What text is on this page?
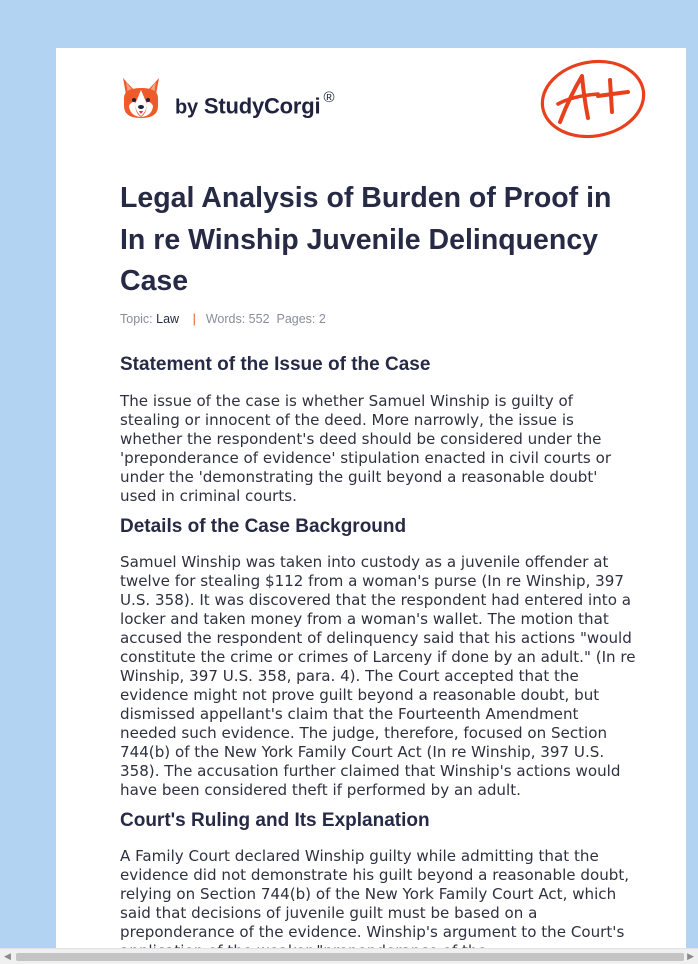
by StudyCorgi ®
Legal Analysis of Burden of Proof in In re Winship Juvenile Delinquency Case
Topic: Law | Words: 552 Pages: 2
Statement of the Issue of the Case

The issue of the case is whether Samuel Winship is guilty of stealing or innocent of the deed. More narrowly, the issue is whether the respondent's deed should be considered under the 'preponderance of evidence' stipulation enacted in civil courts or under the 'demonstrating the guilt beyond a reasonable doubt' used in criminal courts.

Details of the Case Background

Samuel Winship was taken into custody as a juvenile offender at twelve for stealing $112 from a woman's purse (In re Winship, 397 U.S. 358). It was discovered that the respondent had entered into a locker and taken money from a woman's wallet. The motion that accused the respondent of delinquency said that his actions "would constitute the crime or crimes of Larceny if done by an adult." (In re Winship, 397 U.S. 358, para. 4). The Court accepted that the evidence might not prove guilt beyond a reasonable doubt, but dismissed appellant's claim that the Fourteenth Amendment needed such evidence. The judge, therefore, focused on Section 744(b) of the New York Family Court Act (In re Winship, 397 U.S. 358). The accusation further claimed that Winship's actions would have been considered theft if performed by an adult.

Court's Ruling and Its Explanation

A Family Court declared Winship guilty while admitting that the evidence did not demonstrate his guilt beyond a reasonable doubt, relying on Section 744(b) of the New York Family Court Act, which said that decisions of juvenile guilt must be based on a preponderance of the evidence. Winship's argument to the Court's

◀	▶
